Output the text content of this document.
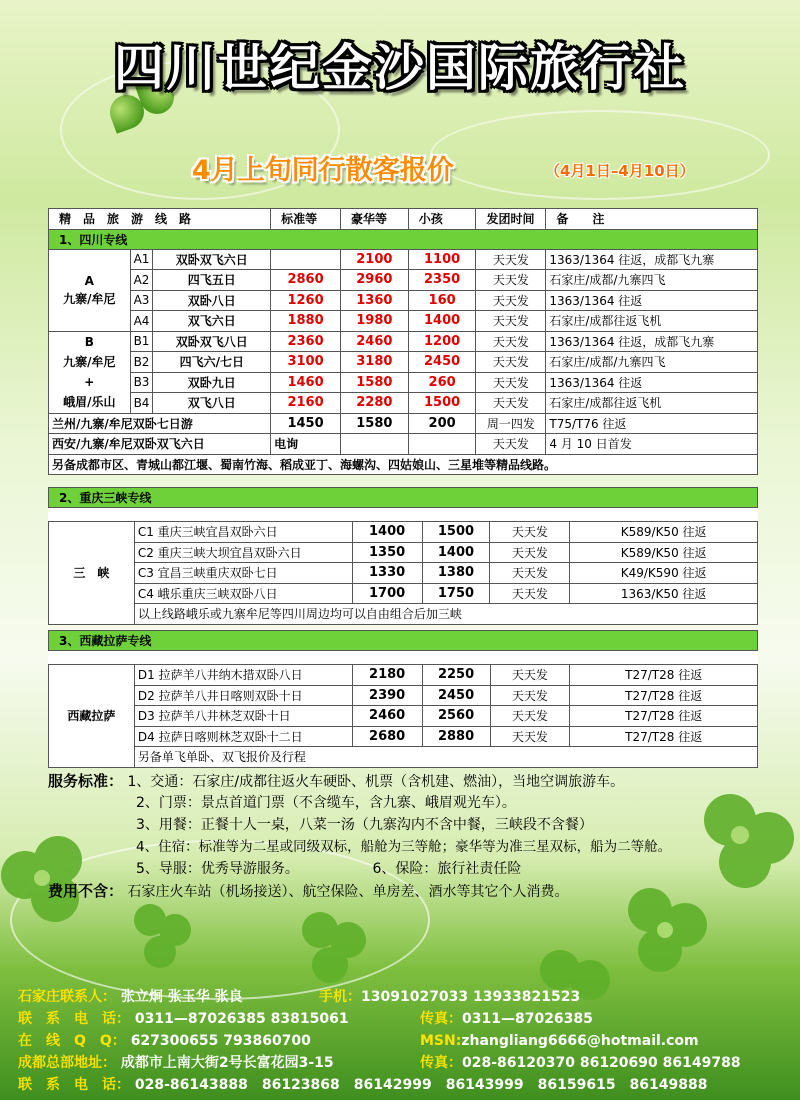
四川世纪金沙国际旅行社
4月上旬同行散客报价	（4月1日–4月10日）
精　品　旅　游　线　路			标准等	豪华等	小孩	发团时间	备　　注
1、四川专线							
A
九寨/牟尼	A1	双卧双飞六日		2100	1100	天天发	1363/1364 往返，成都飞九寨
	A2	四飞五日	2860	2960	2350	天天发	石家庄/成都/九寨四飞
	A3	双卧八日	1260	1360	160	天天发	1363/1364 往返
	A4	双飞六日	1880	1980	1400	天天发	石家庄/成都往返飞机
B
九寨/牟尼
+
峨眉/乐山	B1	双卧双飞八日	2360	2460	1200	天天发	1363/1364 往返，成都飞九寨
	B2	四飞六/七日	3100	3180	2450	天天发	石家庄/成都/九寨四飞
	B3	双卧九日	1460	1580	260	天天发	1363/1364 往返
	B4	双飞八日	2160	2280	1500	天天发	石家庄/成都往返飞机
兰州/九寨/牟尼双卧七日游			1450	1580	200	周一四发	T75/T76 往返
西安/九寨/牟尼双卧双飞六日			电询			天天发	4 月 10 日首发
另备成都市区、青城山都江堰、蜀南竹海、稻成亚丁、海螺沟、四姑娘山、三星堆等精品线路。							
2、重庆三峡专线					

三　峡	C1 重庆三峡宜昌双卧六日	1400	1500	天天发	K589/K50 往返
	C2 重庆三峡大坝宜昌双卧六日	1350	1400	天天发	K589/K50 往返
	C3 宜昌三峡重庆双卧七日	1330	1380	天天发	K49/K590 往返
	C4 峨乐重庆三峡双卧八日	1700	1750	天天发	1363/K50 往返
	以上线路峨乐或九寨牟尼等四川周边均可以自由组合后加三峡				
3、西藏拉萨专线					

西藏拉萨	D1 拉萨羊八井纳木措双卧八日	2180	2250	天天发	T27/T28 往返
	D2 拉萨羊八井日喀则双卧十日	2390	2450	天天发	T27/T28 往返
	D3 拉萨羊八井林芝双卧十日	2460	2560	天天发	T27/T28 往返
	D4 拉萨日喀则林芝双卧十二日	2680	2880	天天发	T27/T28 往返
	另备单飞单卧、双飞报价及行程				
服务标准： 1、交通：石家庄/成都往返火车硬卧、机票（含机建、燃油），当地空调旅游车。
2、门票：景点首道门票（不含缆车，含九寨、峨眉观光车）。
3、用餐：正餐十人一桌，八菜一汤（九寨沟内不含中餐，三峡段不含餐）
4、住宿：标准等为二星或同级双标，船舱为三等舱；豪华等为准三星双标，船为二等舱。
5、导服：优秀导游服务。	6、保险：旅行社责任险
费用不含： 石家庄火车站（机场接送）、航空保险、单房差、酒水等其它个人消费。
石家庄联系人： 张立炯 张玉华 张良	手机：13091027033 13933821523
联　系　电　话： 0311—87026385 83815061	传真：0311—87026385
在　线　Q　Q： 627300655 793860700	MSN:zhangliang6666@hotmail.com
成都总部地址： 成都市上南大街2号长富花园3-15	传真：028-86120370 86120690 86149788
联　系　电　话： 028-86143888　86123868　86142999　86143999　86159615　86149888
